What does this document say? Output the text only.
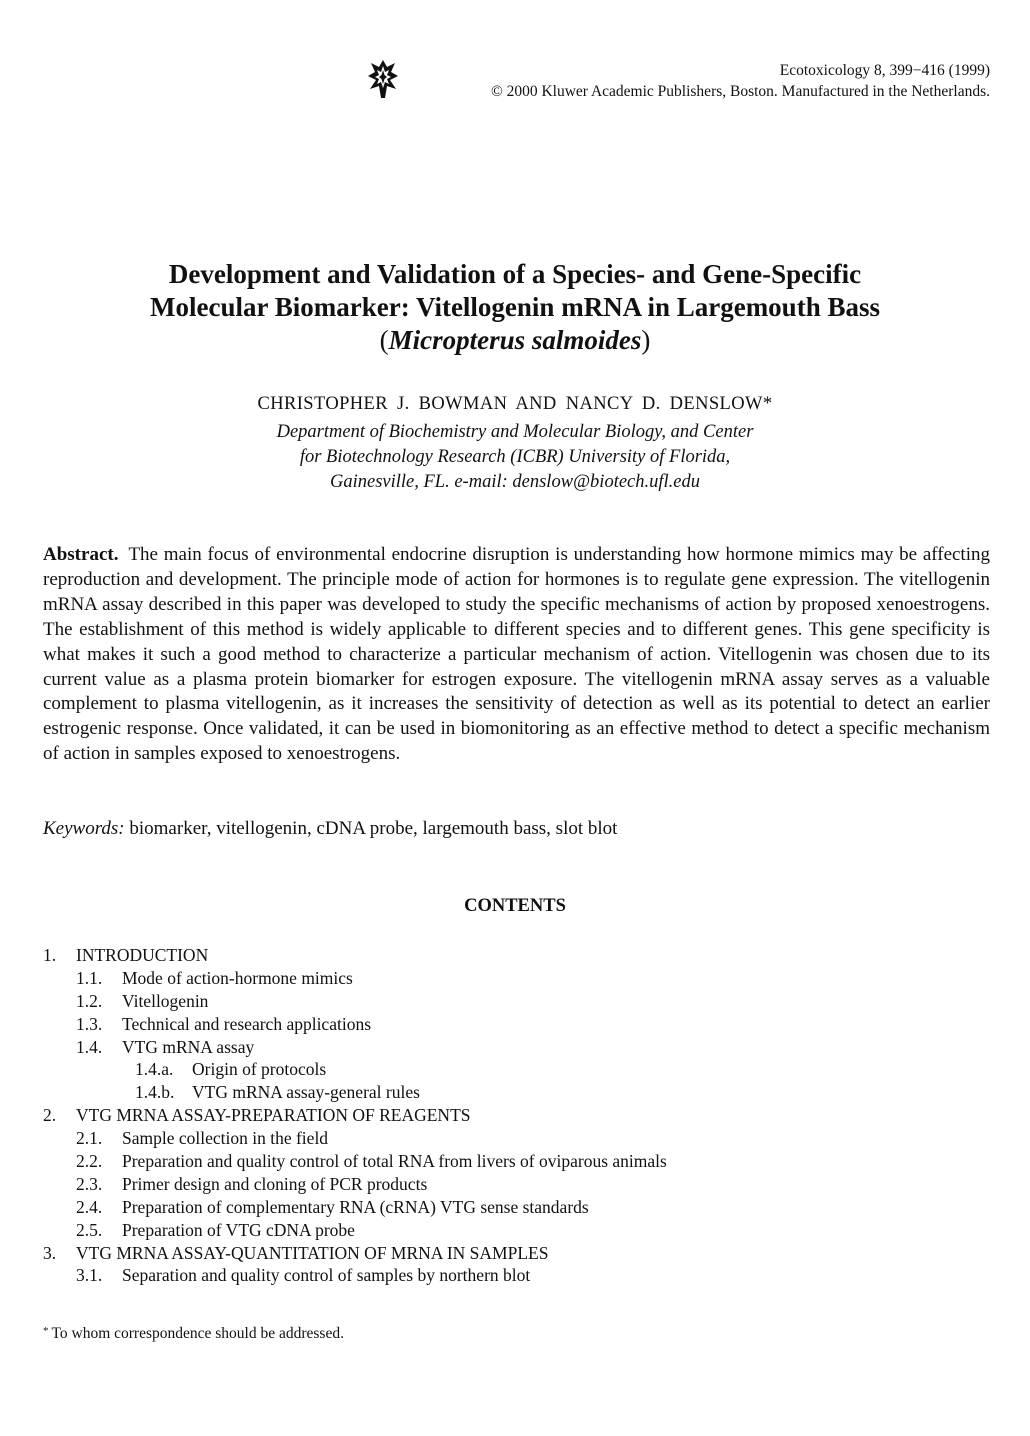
Ecotoxicology 8, 399−416 (1999)
© 2000 Kluwer Academic Publishers, Boston. Manufactured in the Netherlands.
Development and Validation of a Species- and Gene-Specific
Molecular Biomarker: Vitellogenin mRNA in Largemouth Bass
(Micropterus salmoides)
CHRISTOPHER J. BOWMAN AND NANCY D. DENSLOW*
Department of Biochemistry and Molecular Biology, and Center
for Biotechnology Research (ICBR) University of Florida,
Gainesville, FL. e-mail: denslow@biotech.ufl.edu

Abstract. The main focus of environmental endocrine disruption is understanding how hormone mimics may be affecting reproduction and development. The principle mode of action for hormones is to regulate gene expression. The vitellogenin mRNA assay described in this paper was developed to study the specific mechanisms of action by proposed xenoestrogens. The establishment of this method is widely applicable to different species and to different genes. This gene specificity is what makes it such a good method to characterize a particular mechanism of action. Vitellogenin was chosen due to its current value as a plasma protein biomarker for estrogen exposure. The vitellogenin mRNA assay serves as a valuable complement to plasma vitellogenin, as it increases the sensitivity of detection as well as its potential to detect an earlier estrogenic response. Once validated, it can be used in biomonitoring as an effective method to detect a specific mechanism of action in samples exposed to xenoestrogens.

Keywords: biomarker, vitellogenin, cDNA probe, largemouth bass, slot blot

CONTENTS
1. INTRODUCTION
1.1. Mode of action-hormone mimics
1.2. Vitellogenin
1.3. Technical and research applications
1.4. VTG mRNA assay
1.4.a. Origin of protocols
1.4.b. VTG mRNA assay-general rules
2. VTG MRNA ASSAY-PREPARATION OF REAGENTS
2.1. Sample collection in the field
2.2. Preparation and quality control of total RNA from livers of oviparous animals
2.3. Primer design and cloning of PCR products
2.4. Preparation of complementary RNA (cRNA) VTG sense standards
2.5. Preparation of VTG cDNA probe
3. VTG MRNA ASSAY-QUANTITATION OF MRNA IN SAMPLES
3.1. Separation and quality control of samples by northern blot
* To whom correspondence should be addressed.
